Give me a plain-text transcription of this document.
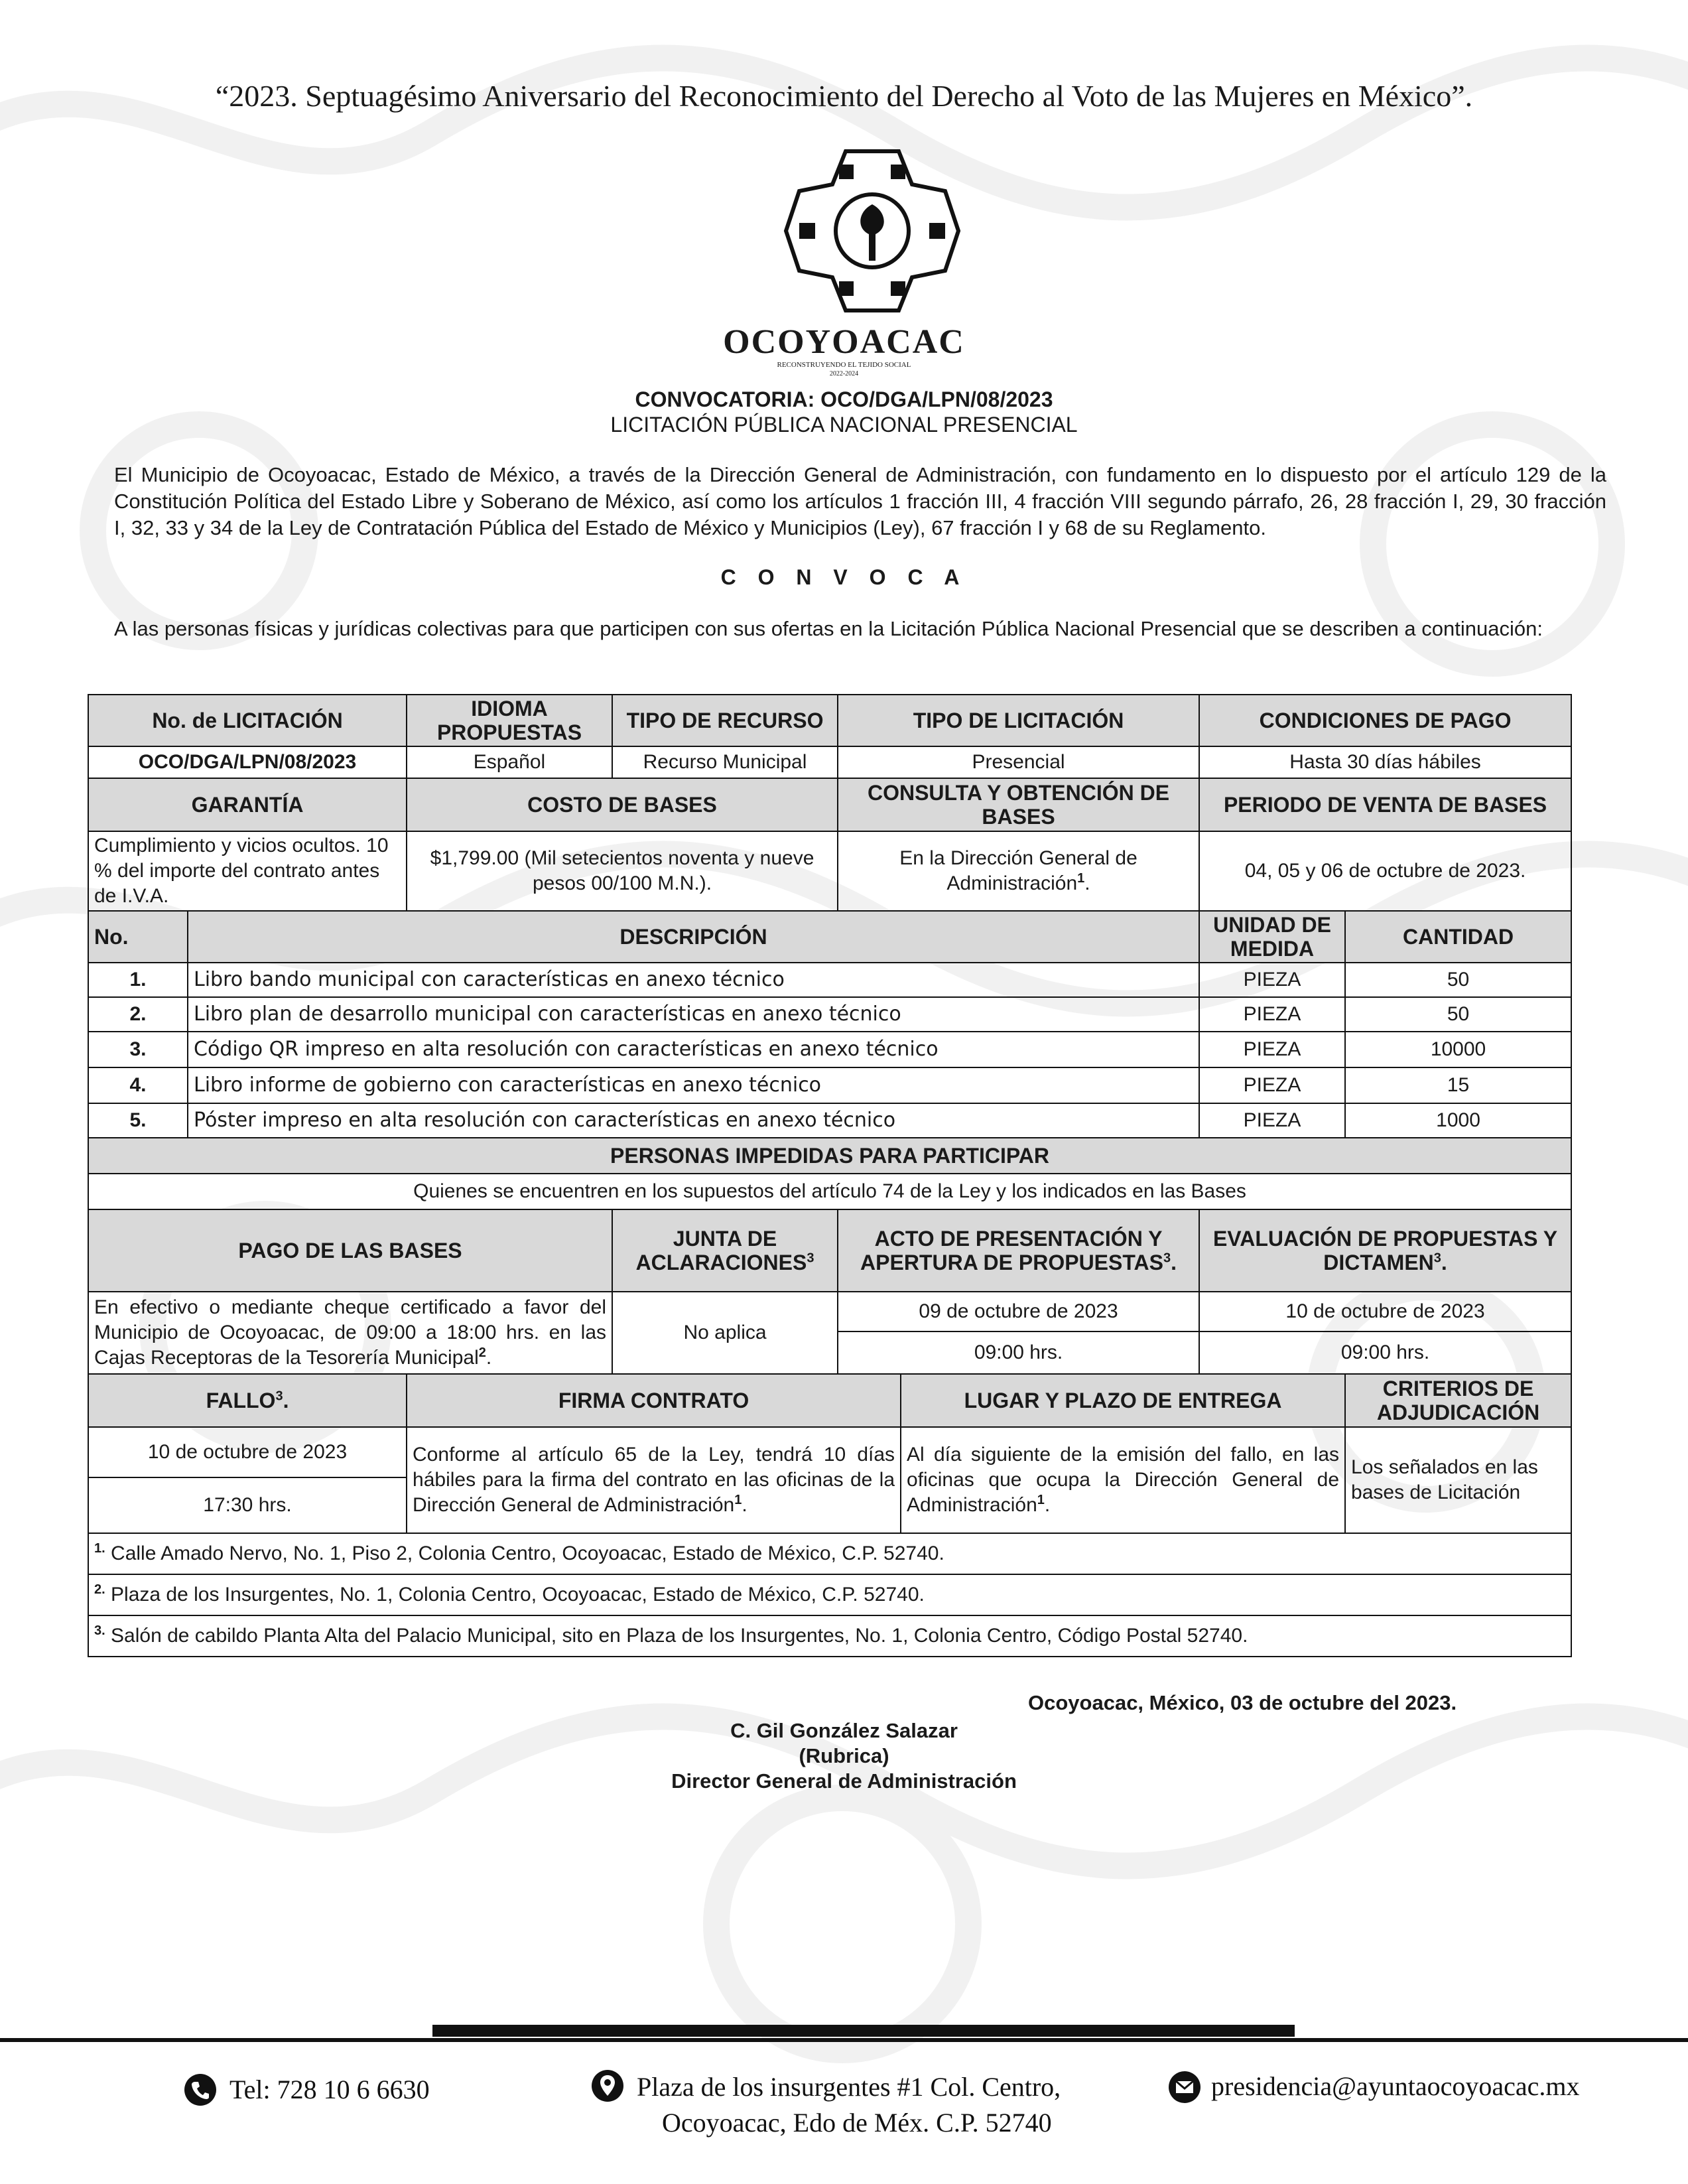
“2023. Septuagésimo Aniversario del Reconocimiento del Derecho al Voto de las Mujeres en México”.
OCOYOACAC
RECONSTRUYENDO EL TEJIDO SOCIAL
2022-2024
CONVOCATORIA: OCO/DGA/LPN/08/2023
LICITACIÓN PÚBLICA NACIONAL PRESENCIAL

El Municipio de Ocoyoacac, Estado de México, a través de la Dirección General de Administración, con fundamento en lo dispuesto por el artículo 129 de la Constitución Política del Estado Libre y Soberano de México, así como los artículos 1 fracción III, 4 fracción VIII segundo párrafo, 26, 28 fracción I, 29, 30 fracción I, 32, 33 y 34 de la Ley de Contratación Pública del Estado de México y Municipios (Ley), 67 fracción I y 68 de su Reglamento.

C O N V O C A

A las personas físicas y jurídicas colectivas para que participen con sus ofertas en la Licitación Pública Nacional Presencial que se describen a continuación:

No. de LICITACIÓN		IDIOMA PROPUESTAS	TIPO DE RECURSO	TIPO DE LICITACIÓN		CONDICIONES DE PAGO	
OCO/DGA/LPN/08/2023		Español	Recurso Municipal	Presencial		Hasta 30 días hábiles	
GARANTÍA		COSTO DE BASES		CONSULTA Y OBTENCIÓN DE BASES		PERIODO DE VENTA DE BASES	
Cumplimiento y vicios ocultos. 10 % del importe del contrato antes de I.V.A.		$1,799.00 (Mil setecientos noventa y nueve pesos 00/100 M.N.).		En la Dirección General de Administración$^1$.		04, 05 y 06 de octubre de 2023.	
No.	DESCRIPCIÓN					UNIDAD DE MEDIDA	CANTIDAD
1.	Libro bando municipal con características en anexo técnico					PIEZA	50
2.	Libro plan de desarrollo municipal con características en anexo técnico					PIEZA	50
3.	Código QR impreso en alta resolución con características en anexo técnico					PIEZA	10000
4.	Libro informe de gobierno con características en anexo técnico					PIEZA	15
5.	Póster impreso en alta resolución con características en anexo técnico					PIEZA	1000
PERSONAS IMPEDIDAS PARA PARTICIPAR							
Quienes se encuentren en los supuestos del artículo 74 de la Ley y los indicados en las Bases							
PAGO DE LAS BASES			JUNTA DE ACLARACIONES$^3$	ACTO DE PRESENTACIÓN Y APERTURA DE PROPUESTAS$^3$.		EVALUACIÓN DE PROPUESTAS Y DICTAMEN$^3$.	
En efectivo o mediante cheque certificado a favor del Municipio de Ocoyoacac, de 09:00 a 18:00 hrs. en las Cajas Receptoras de la Tesorería Municipal$^2$.			No aplica	09 de octubre de 2023		10 de octubre de 2023	
				09:00 hrs.		09:00 hrs.	
FALLO$^3$.		FIRMA CONTRATO			LUGAR Y PLAZO DE ENTREGA		CRITERIOS DE ADJUDICACIÓN
10 de octubre de 2023		Conforme al artículo 65 de la Ley, tendrá 10 días hábiles para la firma del contrato en las oficinas de la Dirección General de Administración$^1$.			Al día siguiente de la emisión del fallo, en las oficinas que ocupa la Dirección General de Administración$^1$.		Los señalados en las bases de Licitación
17:30 hrs.							
$^{1.}$ Calle Amado Nervo, No. 1, Piso 2, Colonia Centro, Ocoyoacac, Estado de México, C.P. 52740.							
$^{2.}$ Plaza de los Insurgentes, No. 1, Colonia Centro, Ocoyoacac, Estado de México, C.P. 52740.							
$^{3.}$ Salón de cabildo Planta Alta del Palacio Municipal, sito en Plaza de los Insurgentes, No. 1, Colonia Centro, Código Postal 52740.							
Ocoyoacac, México, 03 de octubre del 2023.
C. Gil González Salazar
(Rubrica)
Director General de Administración
Tel: 728 10 6 6630	Plaza de los insurgentes #1 Col. Centro,
Ocoyoacac, Edo de Méx. C.P. 52740
presidencia@ayuntaocoyoacac.mx
